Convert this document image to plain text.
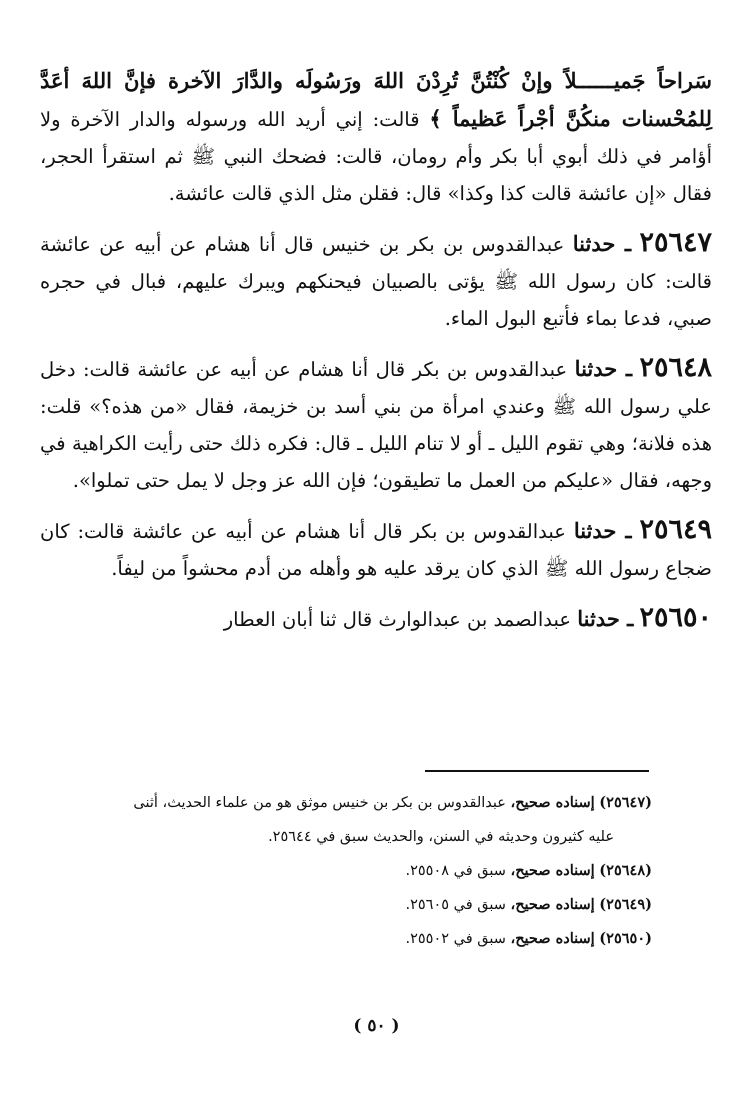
سَراحاً جَميــــــلاً وإنْ كُنْتُنَّ تُرِدْنَ اللهَ ورَسُولَه والدَّارَ الآخرة فإنَّ اللهَ أعَدَّ لِلمُحْسنات منكُنَّ أجْراً عَظيماً ﴾ قالت: إني أريد الله ورسوله والدار الآخرة ولا أؤامر في ذلك أبوي أبا بكر وأم رومان، قالت: فضحك النبي ﷺ ثم استقرأ الحجر، فقال «إن عائشة قالت كذا وكذا» قال: فقلن مثل الذي قالت عائشة.

٢٥٦٤٧ ـ حدثنا عبدالقدوس بن بكر بن خنيس قال أنا هشام عن أبيه عن عائشة قالت: كان رسول الله ﷺ يؤتى بالصبيان فيحنكهم ويبرك عليهم، فبال في حجره صبي، فدعا بماء فأتبع البول الماء.

٢٥٦٤٨ ـ حدثنا عبدالقدوس بن بكر قال أنا هشام عن أبيه عن عائشة قالت: دخل علي رسول الله ﷺ وعندي امرأة من بني أسد بن خزيمة، فقال «من هذه؟» قلت: هذه فلانة؛ وهي تقوم الليل ـ أو لا تنام الليل ـ قال: فكره ذلك حتى رأيت الكراهية في وجهه، فقال «عليكم من العمل ما تطيقون؛ فإن الله عز وجل لا يمل حتى تملوا».

٢٥٦٤٩ ـ حدثنا عبدالقدوس بن بكر قال أنا هشام عن أبيه عن عائشة قالت: كان ضجاع رسول الله ﷺ الذي كان يرقد عليه هو وأهله من أدم محشواً من ليفاً.

٢٥٦٥٠ ـ حدثنا عبدالصمد بن عبدالوارث قال ثنا أبان العطار

(٢٥٦٤٧) إسناده صحيح، عبدالقدوس بن بكر بن خنيس موثق هو من علماء الحديث، أثنى
عليه كثيرون وحديثه في السنن، والحديث سبق في ٢٥٦٤٤.
(٢٥٦٤٨) إسناده صحيح، سبق في ٢٥٥٠٨.
(٢٥٦٤٩) إسناده صحيح، سبق في ٢٥٦٠٥.
(٢٥٦٥٠) إسناده صحيح، سبق في ٢٥٥٠٢.
( ٥٠ )
